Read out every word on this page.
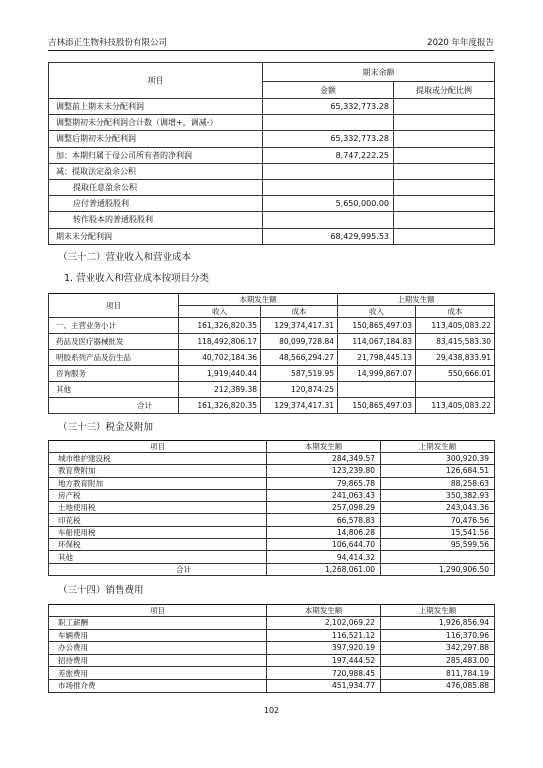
吉林添正生物科技股份有限公司	2020 年年度报告
项目	期末余额	
	金额	提取或分配比例
调整前上期末未分配利润	65,332,773.28	
调整期初未分配利润合计数（调增+，调减-）		
调整后期初未分配利润	65,332,773.28	
加：本期归属于母公司所有者的净利润	8,747,222.25	
减：提取法定盈余公积		
提取任意盈余公积		
应付普通股股利	5,650,000.00	
转作股本的普通股股利		
期末未分配利润	68,429,995.53	
（三十二）营业收入和营业成本
1. 营业收入和营业成本按项目分类
项目	本期发生额		上期发生额	
	收入	成本	收入	成本
一、主营业务小计	161,326,820.35	129,374,417.31	150,865,497.03	113,405,083.22
药品及医疗器械批发	118,492,806.17	80,099,728.84	114,067,184.83	83,415,583.30
明胶系列产品及衍生品	40,702,184.36	48,566,294.27	21,798,445.13	29,438,833.91
咨询服务	1,919,440.44	587,519.95	14,999,867.07	550,666.01
其他	212,389.38	120,874.25		
合计	161,326,820.35	129,374,417.31	150,865,497.03	113,405,083.22
（三十三）税金及附加
项目	本期发生额	上期发生额
城市维护建设税	284,349.57	300,920.39
教育费附加	123,239.80	126,684.51
地方教育附加	79,865.78	88,258.63
房产税	241,063.43	350,382.93
土地使用税	257,098.29	243,043.36
印花税	66,578.83	70,476.56
车船使用税	14,806.28	15,541.56
环保税	106,644.70	95,599.56
其他	94,414.32	
合计	1,268,061.00	1,290,906.50
（三十四）销售费用
项目	本期发生额	上期发生额
职工薪酬	2,102,069.22	1,926,856.94
车辆费用	116,521.12	116,370.96
办公费用	397,920.19	342,297.88
招待费用	197,444.52	285,483.00
差旅费用	720,988.45	811,784.19
市场推介费	451,934.77	476,085.88
102
